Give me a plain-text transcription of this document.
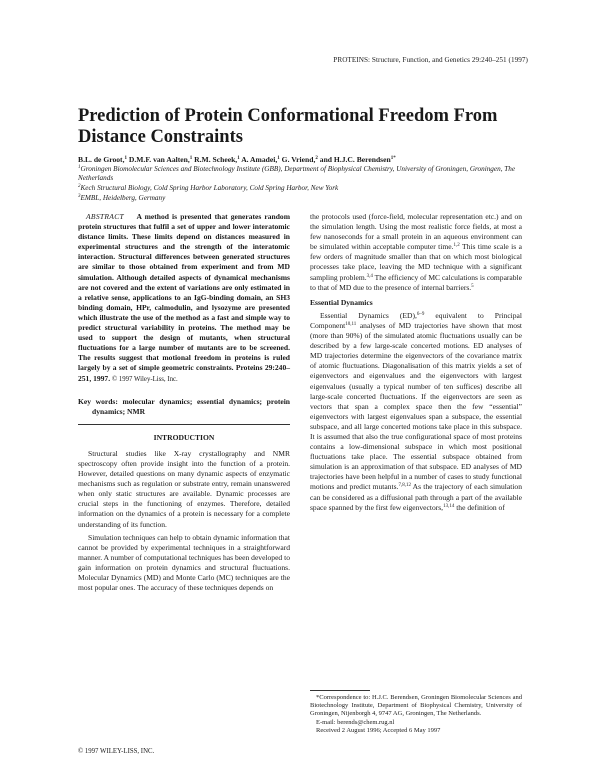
PROTEINS: Structure, Function, and Genetics 29:240–251 (1997)
Prediction of Protein Conformational Freedom From Distance Constraints
B.L. de Groot,$^1$ D.M.F. van Aalten,$^1$ R.M. Scheek,$^1$ A. Amadei,$^1$ G. Vriend,$^2$ and H.J.C. Berendsen$^{1*}$
$^1$Groningen Biomolecular Sciences and Biotechnology Institute (GBB), Department of Biophysical Chemistry, University of Groningen, Groningen, The Netherlands
$^2$Kech Structural Biology, Cold Spring Harbor Laboratory, Cold Spring Harbor, New York
$^3$EMBL, Heidelberg, Germany

ABSTRACT A method is presented that generates random protein structures that fulfil a set of upper and lower interatomic distance limits. These limits depend on distances measured in experimental structures and the strength of the interatomic interaction. Structural differences between generated structures are similar to those obtained from experiment and from MD simulation. Although detailed aspects of dynamical mechanisms are not covered and the extent of variations are only estimated in a relative sense, applications to an IgG-binding domain, an SH3 binding domain, HPr, calmodulin, and lysozyme are presented which illustrate the use of the method as a fast and simple way to predict structural variability in proteins. The method may be used to support the design of mutants, when structural fluctuations for a large number of mutants are to be screened. The results suggest that motional freedom in proteins is ruled largely by a set of simple geometric constraints. Proteins 29:240–251, 1997. © 1997 Wiley-Liss, Inc.

Key words: molecular dynamics; essential dynamics; protein dynamics; NMR
INTRODUCTION

Structural studies like X-ray crystallography and NMR spectroscopy often provide insight into the function of a protein. However, detailed questions on many dynamic aspects of enzymatic mechanisms such as regulation or substrate entry, remain unanswered when only static structures are available. Dynamic processes are crucial steps in the functioning of enzymes. Therefore, detailed information on the dynamics of a protein is necessary for a complete understanding of its function.

Simulation techniques can help to obtain dynamic information that cannot be provided by experimental techniques in a straightforward manner. A number of computational techniques has been developed to gain information on protein dynamics and structural fluctuations. Molecular Dynamics (MD) and Monte Carlo (MC) techniques are the most popular ones. The accuracy of these techniques depends on

the protocols used (force-field, molecular representation etc.) and on the simulation length. Using the most realistic force fields, at most a few nanoseconds for a small protein in an aqueous environment can be simulated within acceptable computer time.$^{1,2}$ This time scale is a few orders of magnitude smaller than that on which most biological processes take place, leaving the MD technique with a significant sampling problem.$^{3,4}$ The efficiency of MC calculations is comparable to that of MD due to the presence of internal barriers.$^5$

Essential Dynamics

Essential Dynamics (ED),$^{6-9}$ equivalent to Principal Component$^{10,11}$ analyses of MD trajectories have shown that most (more than 90%) of the simulated atomic fluctuations usually can be described by a few large-scale concerted motions. ED analyses of MD trajectories determine the eigenvectors of the covariance matrix of atomic fluctuations. Diagonalisation of this matrix yields a set of eigenvectors and eigenvalues and the eigenvectors with largest eigenvalues (usually a typical number of ten suffices) describe all large-scale concerted fluctuations. If the eigenvectors are seen as vectors that span a complex space then the few “essential” eigenvectors with largest eigenvalues span a subspace, the essential subspace, and all large concerted motions take place in this subspace. It is assumed that also the true configurational space of most proteins contains a low-dimensional subspace in which most positional fluctuations take place. The essential subspace obtained from simulation is an approximation of that subspace. ED analyses of MD trajectories have been helpful in a number of cases to study functional motions and predict mutants.$^{7,8,12}$ As the trajectory of each simulation can be considered as a diffusional path through a part of the available space spanned by the first few eigenvectors,$^{13,14}$ the definition of

*Correspondence to: H.J.C. Berendsen, Groningen Biomolecular Sciences and Biotechnology Institute, Department of Biophysical Chemistry, University of Groningen, Nijenborgh 4, 9747 AG, Groningen, The Netherlands.
E-mail: berends@chem.rug.nl
Received 2 August 1996; Accepted 6 May 1997
© 1997 WILEY-LISS, INC.
